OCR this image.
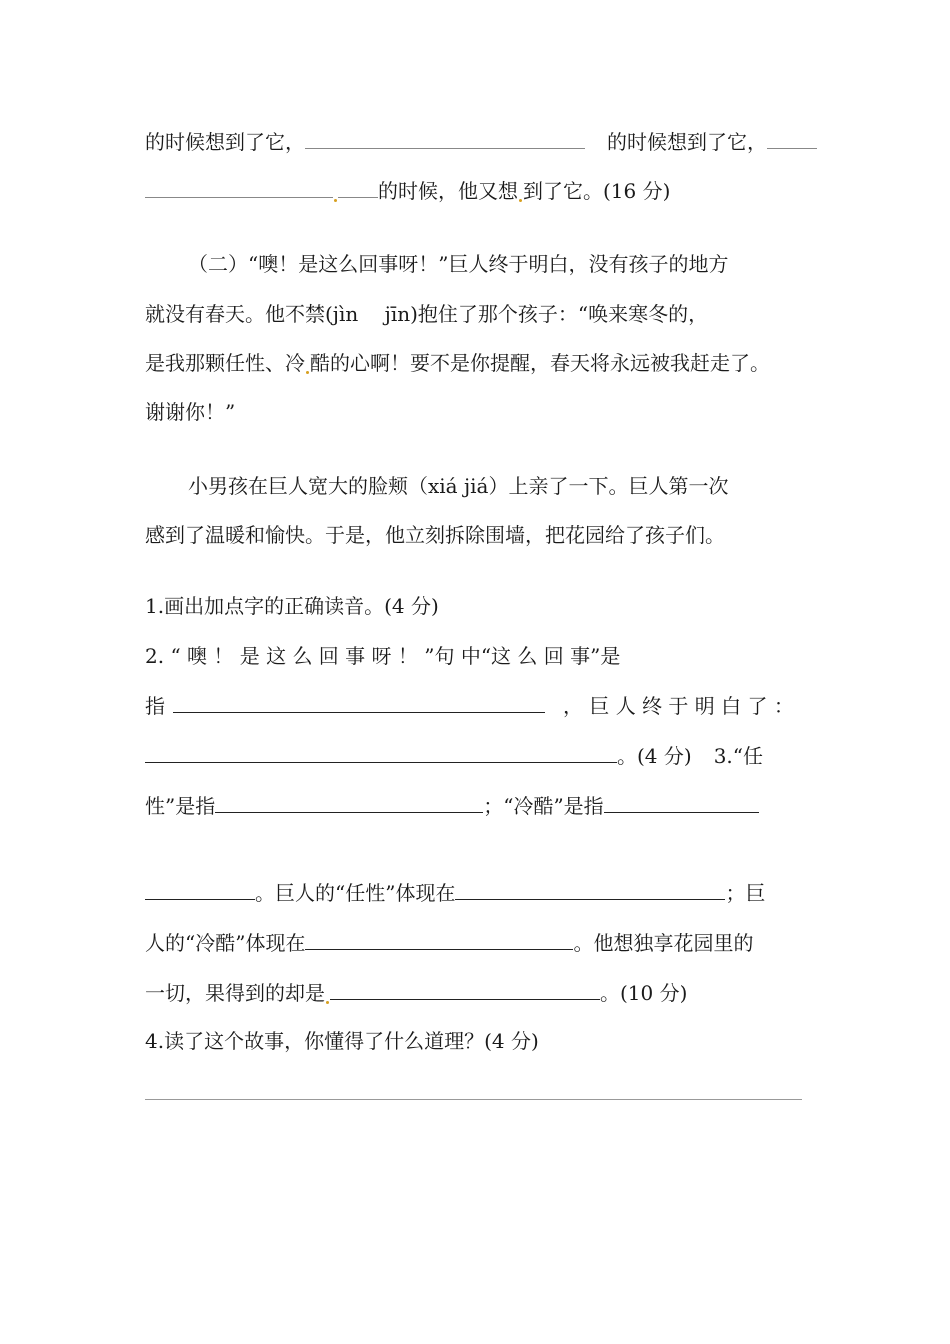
的时候想到了它，	的时候想到了它，
的时候，他又想 到了它。(16 分)
（二）“噢！是这么回事呀！”巨人终于明白，没有孩子的地方
就没有春天。他不禁(jìn　 jīn)抱住了那个孩子：“唤来寒冬的，
是我那颗任性、冷 酷的心啊！要不是你提醒，春天将永远被我赶走了。
谢谢你！”
小男孩在巨人宽大的脸颊（xiá jiá）上亲了一下。巨人第一次
感到了温暖和愉快。于是，他立刻拆除围墙，把花园给了孩子们。
1.画出加点字的正确读音。(4 分)
2. “ 噢 ！ 是 这 么 回 事 呀 ！ ”句 中“这 么 回 事”是
指	， 巨 人 终 于 明 白 了 ：
。(4 分) 3.“任
性”是指	；“冷酷”是指
。巨人的“任性”体现在	；巨
人的“冷酷”体现在	。他想独享花园里的
一切，果得到的却是	。(10 分)
4.读了这个故事，你懂得了什么道理？(4 分)
